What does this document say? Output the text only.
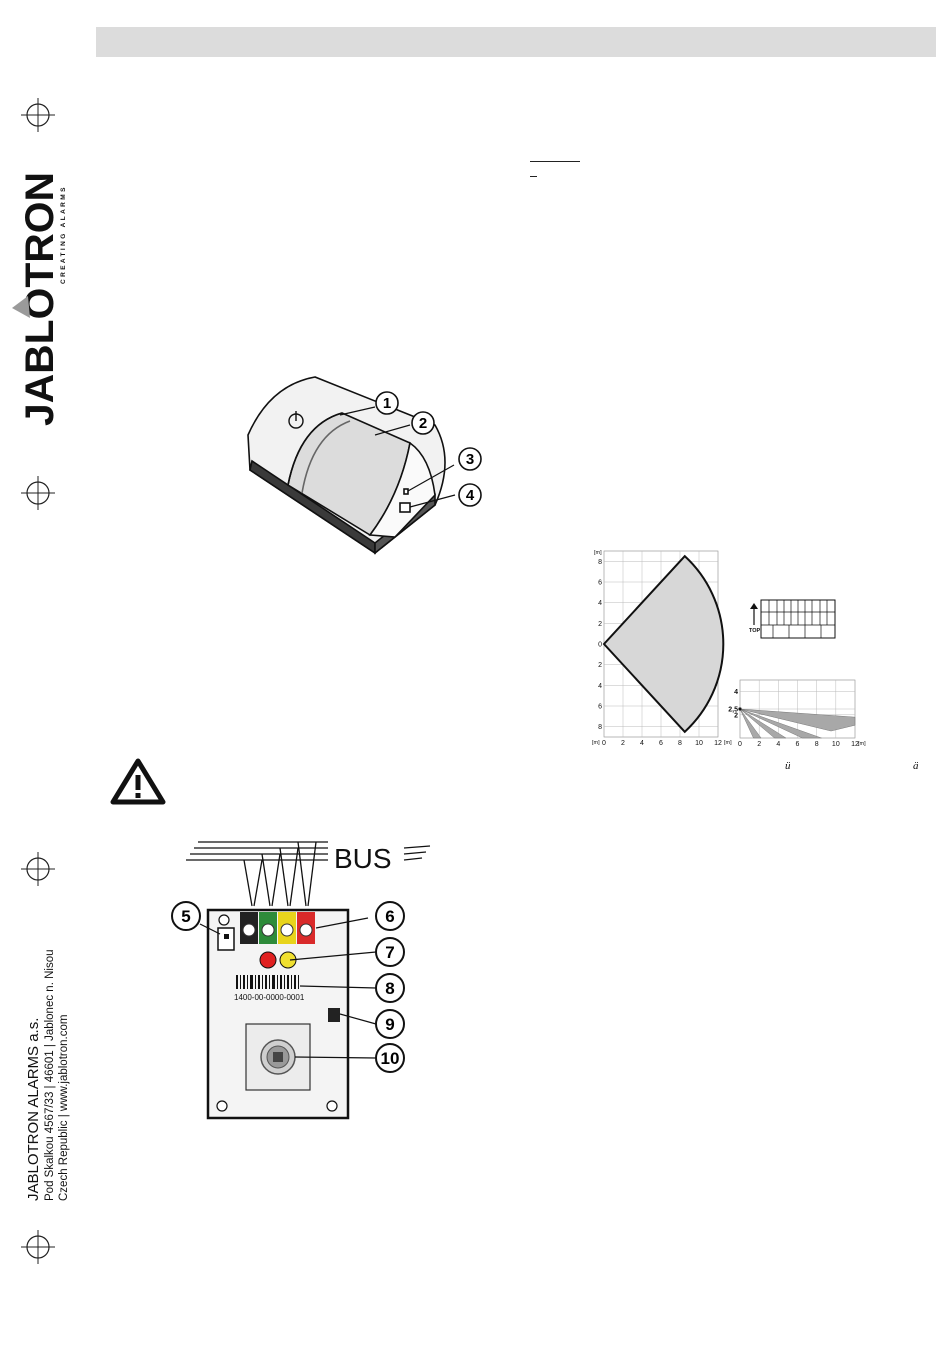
JABLOTRON
CREATING ALARMS
JABLOTRON ALARMS a.s. Pod Skalkou 4567/33 | 46601 | Jablonec n. Nisou Czech Republic | www.jablotron.com
1
2
3
4
BUS
1400-00-0000-0001
5	6
7
8
9
10
0 2 4 6 8 10 12
8
6
4
2
0
2
4
6
8
[m]
[m]	[m]
TOP
0 2 4 6 8 10 12
4
2,5
2
[m]
ü	ä
